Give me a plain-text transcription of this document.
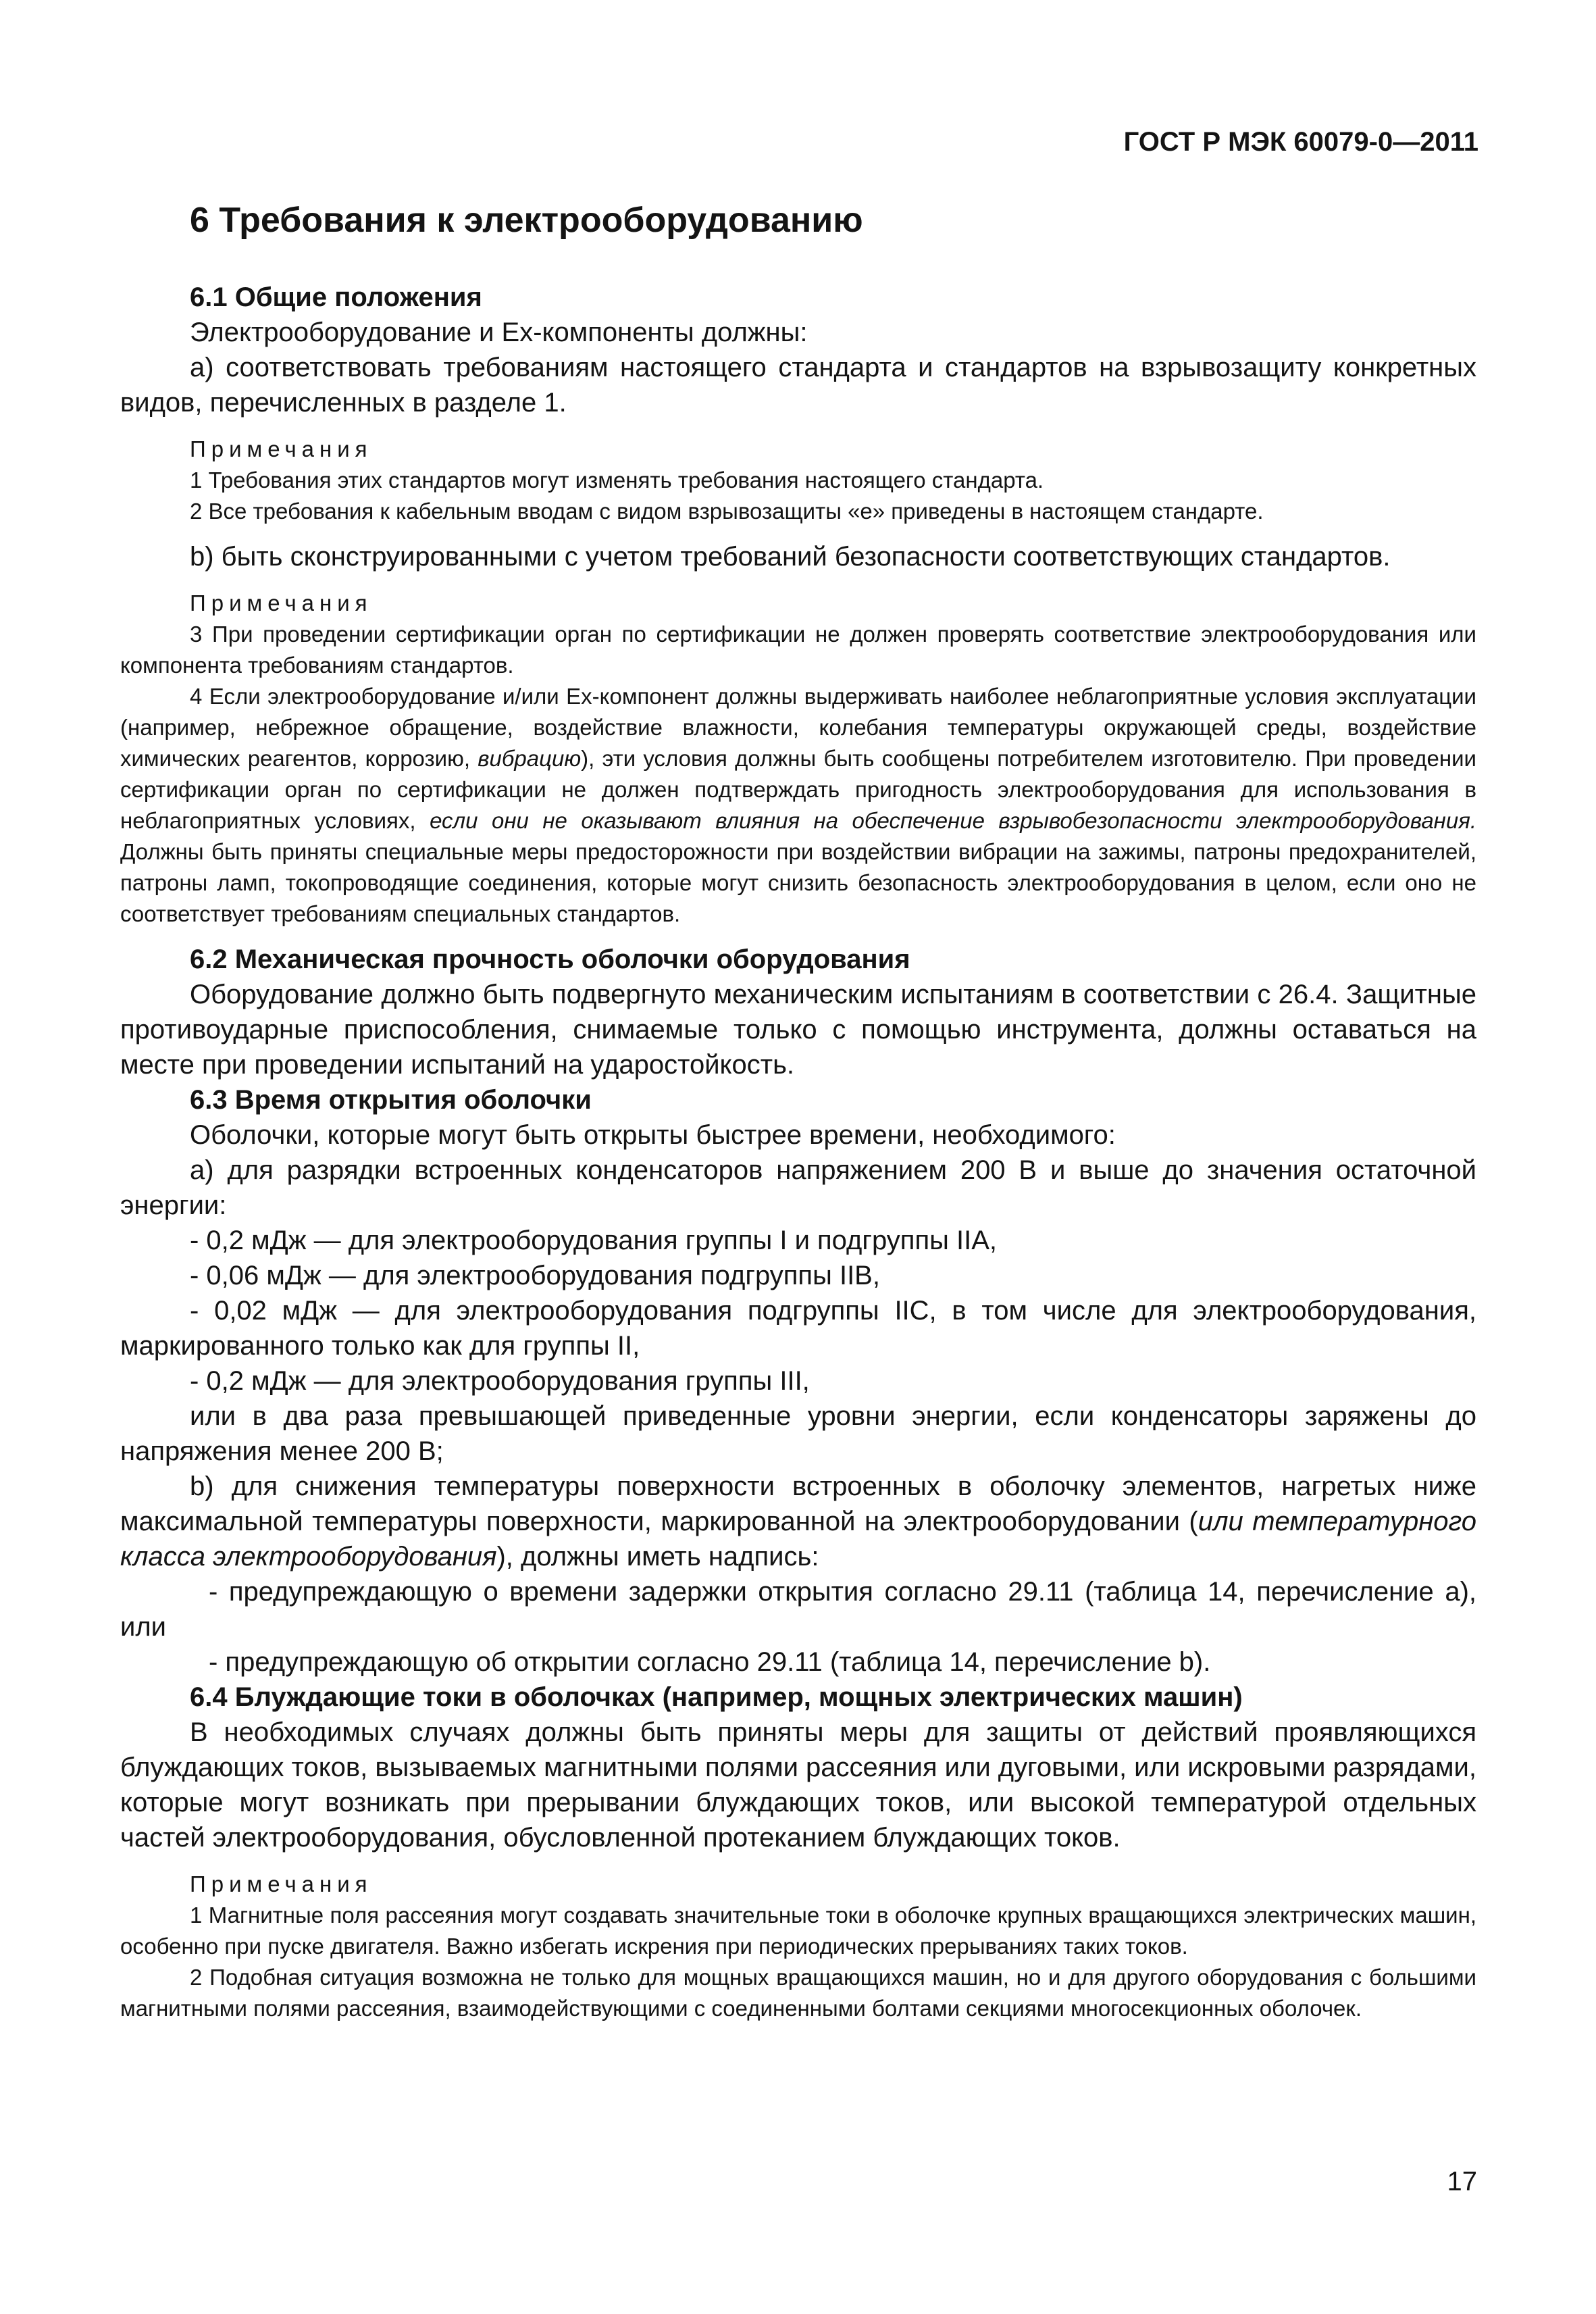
ГОСТ Р МЭК 60079-0—2011

6 Требования к электрооборудованию

6.1 Общие положения

Электрооборудование и Ex-компоненты должны:

a) соответствовать требованиям настоящего стандарта и стандартов на взрывозащиту конкретных видов, перечисленных в разделе 1.

Примечания

1 Требования этих стандартов могут изменять требования настоящего стандарта.

2 Все требования к кабельным вводам с видом взрывозащиты «е» приведены в настоящем стандарте.

b) быть сконструированными с учетом требований безопасности соответствующих стандартов.

Примечания

3 При проведении сертификации орган по сертификации не должен проверять соответствие электрооборудования или компонента требованиям стандартов.

4 Если электрооборудование и/или Ex-компонент должны выдерживать наиболее неблагоприятные условия эксплуатации (например, небрежное обращение, воздействие влажности, колебания температуры окружающей среды, воздействие химических реагентов, коррозию, вибрацию), эти условия должны быть сообщены потребителем изготовителю. При проведении сертификации орган по сертификации не должен подтверждать пригодность электрооборудования для использования в неблагоприятных условиях, если они не оказывают влияния на обеспечение взрывобезопасности электрооборудования. Должны быть приняты специальные меры предосторожности при воздействии вибрации на зажимы, патроны предохранителей, патроны ламп, токопроводящие соединения, которые могут снизить безопасность электрооборудования в целом, если оно не соответствует требованиям специальных стандартов.

6.2 Механическая прочность оболочки оборудования

Оборудование должно быть подвергнуто механическим испытаниям в соответствии с 26.4. Защитные противоударные приспособления, снимаемые только с помощью инструмента, должны оставаться на месте при проведении испытаний на ударостойкость.

6.3 Время открытия оболочки

Оболочки, которые могут быть открыты быстрее времени, необходимого:

a) для разрядки встроенных конденсаторов напряжением 200 В и выше до значения остаточной энергии:

- 0,2 мДж — для электрооборудования группы I и подгруппы IIA,

- 0,06 мДж — для электрооборудования подгруппы IIB,

- 0,02 мДж — для электрооборудования подгруппы IIC, в том числе для электрооборудования, маркированного только как для группы II,

- 0,2 мДж — для электрооборудования группы III,

или в два раза превышающей приведенные уровни энергии, если конденсаторы заряжены до напряжения менее 200 В;

b) для снижения температуры поверхности встроенных в оболочку элементов, нагретых ниже максимальной температуры поверхности, маркированной на электрооборудовании (или температурного класса электрооборудования), должны иметь надпись:

- предупреждающую о времени задержки открытия согласно 29.11 (таблица 14, перечисление а), или

- предупреждающую об открытии согласно 29.11 (таблица 14, перечисление b).

6.4 Блуждающие токи в оболочках (например, мощных электрических машин)

В необходимых случаях должны быть приняты меры для защиты от действий проявляющихся блуждающих токов, вызываемых магнитными полями рассеяния или дуговыми, или искровыми разрядами, которые могут возникать при прерывании блуждающих токов, или высокой температурой отдельных частей электрооборудования, обусловленной протеканием блуждающих токов.

Примечания

1 Магнитные поля рассеяния могут создавать значительные токи в оболочке крупных вращающихся электрических машин, особенно при пуске двигателя. Важно избегать искрения при периодических прерываниях таких токов.

2 Подобная ситуация возможна не только для мощных вращающихся машин, но и для другого оборудования с большими магнитными полями рассеяния, взаимодействующими с соединенными болтами секциями многосекционных оболочек.

17
